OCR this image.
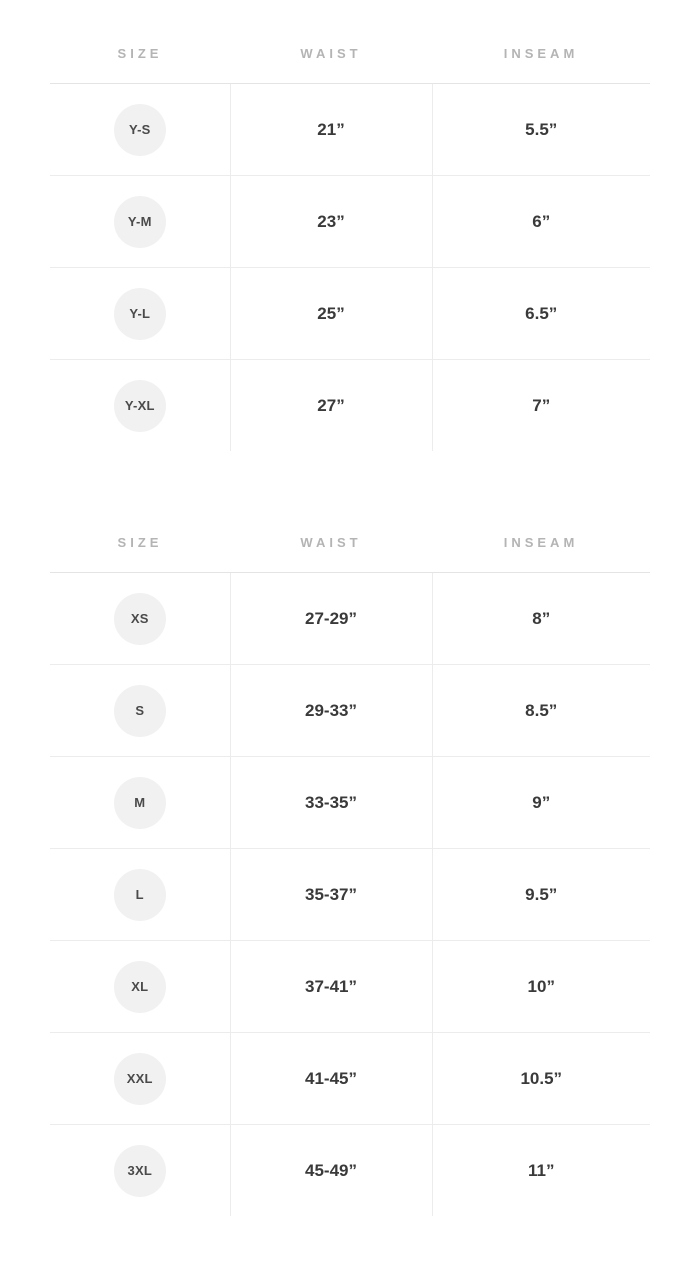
SIZE	WAIST	INSEAM
Y-S	21”	5.5”
Y-M	23”	6”
Y-L	25”	6.5”
Y-XL	27”	7”
SIZE	WAIST	INSEAM
XS	27-29”	8”
S	29-33”	8.5”
M	33-35”	9”
L	35-37”	9.5”
XL	37-41”	10”
XXL	41-45”	10.5”
3XL	45-49”	11”
